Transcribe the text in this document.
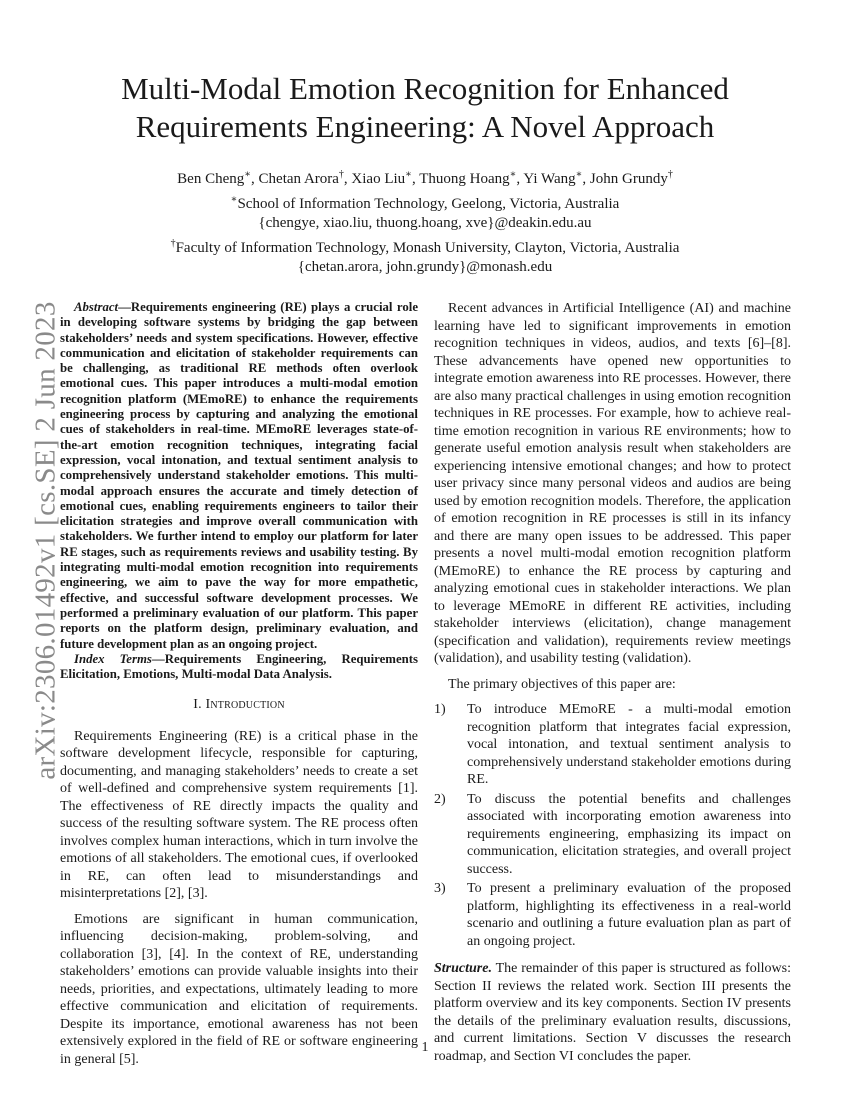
arXiv:2306.01492v1 [cs.SE] 2 Jun 2023
Multi-Modal Emotion Recognition for Enhanced
Requirements Engineering: A Novel Approach
Ben Cheng∗, Chetan Arora†, Xiao Liu∗, Thuong Hoang∗, Yi Wang∗, John Grundy†
∗School of Information Technology, Geelong, Victoria, Australia
{chengye, xiao.liu, thuong.hoang, xve}@deakin.edu.au
†Faculty of Information Technology, Monash University, Clayton, Victoria, Australia
{chetan.arora, john.grundy}@monash.edu

Abstract—Requirements engineering (RE) plays a crucial role in developing software systems by bridging the gap between stakeholders’ needs and system specifications. However, effective communication and elicitation of stakeholder requirements can be challenging, as traditional RE methods often overlook emotional cues. This paper introduces a multi-modal emotion recognition platform (MEmoRE) to enhance the requirements engineering process by capturing and analyzing the emotional cues of stakeholders in real-time. MEmoRE leverages state-of-the-art emotion recognition techniques, integrating facial expression, vocal intonation, and textual sentiment analysis to comprehensively understand stakeholder emotions. This multi-modal approach ensures the accurate and timely detection of emotional cues, enabling requirements engineers to tailor their elicitation strategies and improve overall communication with stakeholders. We further intend to employ our platform for later RE stages, such as requirements reviews and usability testing. By integrating multi-modal emotion recognition into requirements engineering, we aim to pave the way for more empathetic, effective, and successful software development processes. We performed a preliminary evaluation of our platform. This paper reports on the platform design, preliminary evaluation, and future development plan as an ongoing project.

Index Terms—Requirements Engineering, Requirements Elicitation, Emotions, Multi-modal Data Analysis.

I. Introduction

Requirements Engineering (RE) is a critical phase in the software development lifecycle, responsible for capturing, documenting, and managing stakeholders’ needs to create a set of well-defined and comprehensive system requirements [1]. The effectiveness of RE directly impacts the quality and success of the resulting software system. The RE process often involves complex human interactions, which in turn involve the emotions of all stakeholders. The emotional cues, if overlooked in RE, can often lead to misunderstandings and misinterpretations [2], [3].

Emotions are significant in human communication, influencing decision-making, problem-solving, and collaboration [3], [4]. In the context of RE, understanding stakeholders’ emotions can provide valuable insights into their needs, priorities, and expectations, ultimately leading to more effective communication and elicitation of requirements. Despite its importance, emotional awareness has not been extensively explored in the field of RE or software engineering in general [5].

Recent advances in Artificial Intelligence (AI) and machine learning have led to significant improvements in emotion recognition techniques in videos, audios, and texts [6]–[8]. These advancements have opened new opportunities to integrate emotion awareness into RE processes. However, there are also many practical challenges in using emotion recognition techniques in RE processes. For example, how to achieve real-time emotion recognition in various RE environments; how to generate useful emotion analysis result when stakeholders are experiencing intensive emotional changes; and how to protect user privacy since many personal videos and audios are being used by emotion recognition models. Therefore, the application of emotion recognition in RE processes is still in its infancy and there are many open issues to be addressed. This paper presents a novel multi-modal emotion recognition platform (MEmoRE) to enhance the RE process by capturing and analyzing emotional cues in stakeholder interactions. We plan to leverage MEmoRE in different RE activities, including stakeholder interviews (elicitation), change management (specification and validation), requirements review meetings (validation), and usability testing (validation).

The primary objectives of this paper are:

1)	To introduce MEmoRE - a multi-modal emotion recognition platform that integrates facial expression, vocal intonation, and textual sentiment analysis to comprehensively understand stakeholder emotions during RE.
2)	To discuss the potential benefits and challenges associated with incorporating emotion awareness into requirements engineering, emphasizing its impact on communication, elicitation strategies, and overall project success.
3)	To present a preliminary evaluation of the proposed platform, highlighting its effectiveness in a real-world scenario and outlining a future evaluation plan as part of an ongoing project.

Structure. The remainder of this paper is structured as follows: Section II reviews the related work. Section III presents the platform overview and its key components. Section IV presents the details of the preliminary evaluation results, discussions, and current limitations. Section V discusses the research roadmap, and Section VI concludes the paper.

1
